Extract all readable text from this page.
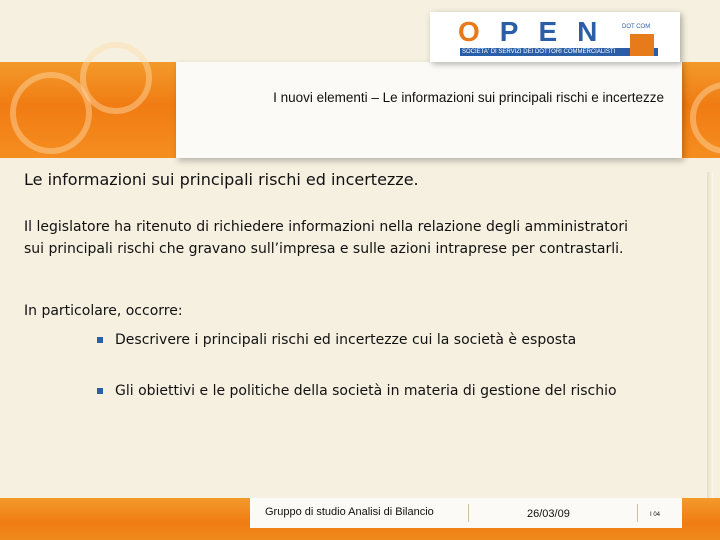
I nuovi elementi – Le informazioni sui principali rischi e incertezze
OPEN
SOCIETA' DI SERVIZI DEI DOTTORI COMMERCIALISTI
DOT COM
Le informazioni sui principali rischi ed incertezze.
Il legislatore ha ritenuto di richiedere informazioni nella relazione degli amministratori sui principali rischi che gravano sull’impresa e sulle azioni intraprese per contrastarli.
In particolare, occorre:
Descrivere i principali rischi ed incertezze cui la società è esposta
Gli obiettivi e le politiche della società in materia di gestione del rischio
Gruppo di studio Analisi di Bilancio	26/03/09	I 04
